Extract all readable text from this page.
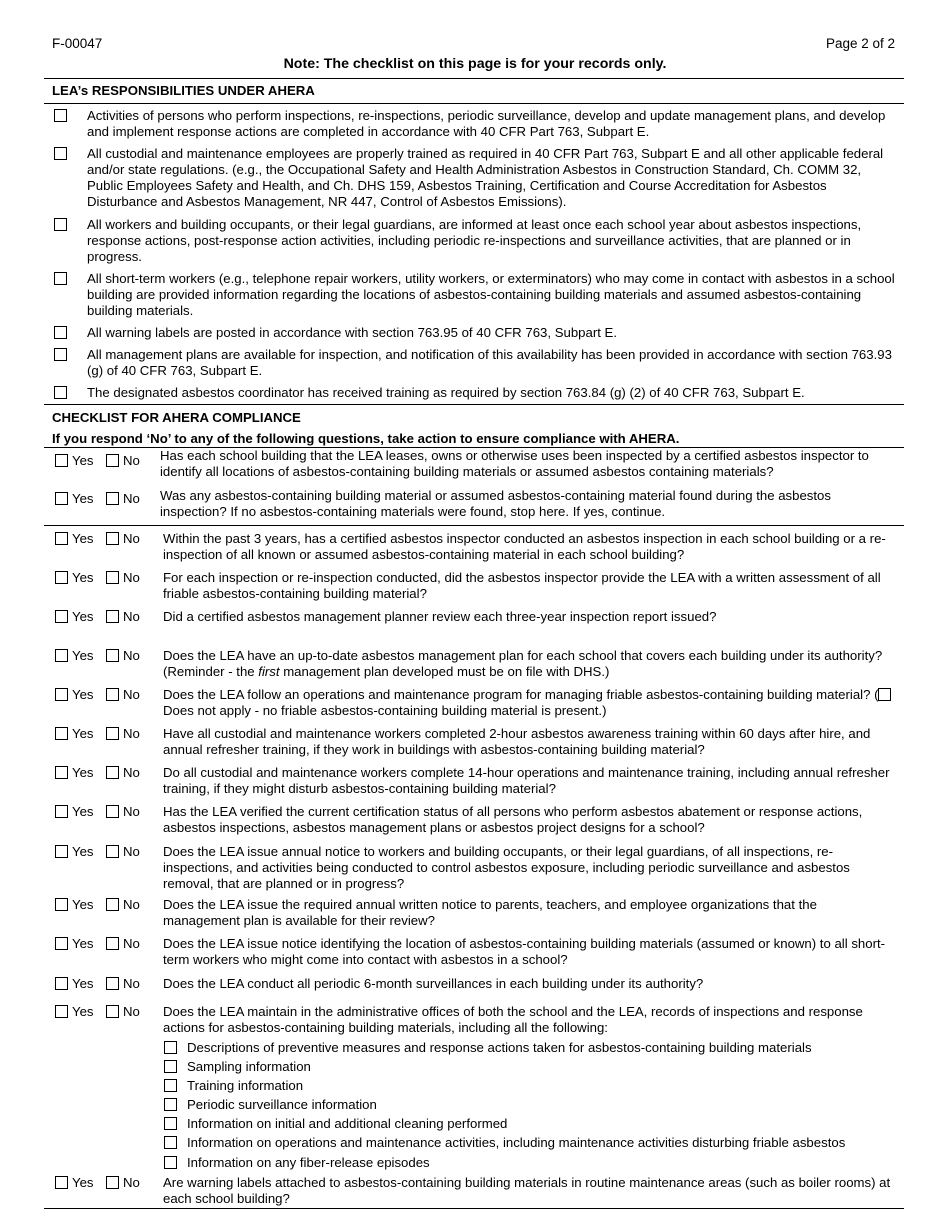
F-00047	Page 2 of 2
Note: The checklist on this page is for your records only.
LEA’s RESPONSIBILITIES UNDER AHERA
Activities of persons who perform inspections, re-inspections, periodic surveillance, develop and update management plans, and develop and implement response actions are completed in accordance with 40 CFR Part 763, Subpart E.
All custodial and maintenance employees are properly trained as required in 40 CFR Part 763, Subpart E and all other applicable federal and/or state regulations. (e.g., the Occupational Safety and Health Administration Asbestos in Construction Standard, Ch. COMM 32, Public Employees Safety and Health, and Ch. DHS 159, Asbestos Training, Certification and Course Accreditation for Asbestos Disturbance and Asbestos Management, NR 447, Control of Asbestos Emissions).
All workers and building occupants, or their legal guardians, are informed at least once each school year about asbestos inspections, response actions, post-response action activities, including periodic re-inspections and surveillance activities, that are planned or in progress.
All short-term workers (e.g., telephone repair workers, utility workers, or exterminators) who may come in contact with asbestos in a school building are provided information regarding the locations of asbestos-containing building materials and assumed asbestos-containing building materials.
All warning labels are posted in accordance with section 763.95 of 40 CFR 763, Subpart E.
All management plans are available for inspection, and notification of this availability has been provided in accordance with section 763.93 (g) of 40 CFR 763, Subpart E.
The designated asbestos coordinator has received training as required by section 763.84 (g) (2) of 40 CFR 763, Subpart E.
CHECKLIST FOR AHERA COMPLIANCE
If you respond ‘No’ to any of the following questions, take action to ensure compliance with AHERA.
Yes No Has each school building that the LEA leases, owns or otherwise uses been inspected by a certified asbestos inspector to identify all locations of asbestos-containing building materials or assumed asbestos containing materials?
Yes No Was any asbestos-containing building material or assumed asbestos-containing material found during the asbestos inspection? If no asbestos-containing materials were found, stop here. If yes, continue.
Yes No Within the past 3 years, has a certified asbestos inspector conducted an asbestos inspection in each school building or a re-inspection of all known or assumed asbestos-containing material in each school building?
Yes No For each inspection or re-inspection conducted, did the asbestos inspector provide the LEA with a written assessment of all friable asbestos-containing building material?
Yes No Did a certified asbestos management planner review each three-year inspection report issued?
Yes No Does the LEA have an up-to-date asbestos management plan for each school that covers each building under its authority? (Reminder - the first management plan developed must be on file with DHS.)
Yes No Does the LEA follow an operations and maintenance program for managing friable asbestos-containing building material? (Does not apply - no friable asbestos-containing building material is present.)
Yes No Have all custodial and maintenance workers completed 2-hour asbestos awareness training within 60 days after hire, and annual refresher training, if they work in buildings with asbestos-containing building material?
Yes No Do all custodial and maintenance workers complete 14-hour operations and maintenance training, including annual refresher training, if they might disturb asbestos-containing building material?
Yes No Has the LEA verified the current certification status of all persons who perform asbestos abatement or response actions, asbestos inspections, asbestos management plans or asbestos project designs for a school?
Yes No Does the LEA issue annual notice to workers and building occupants, or their legal guardians, of all inspections, re-inspections, and activities being conducted to control asbestos exposure, including periodic surveillance and asbestos removal, that are planned or in progress?
Yes No Does the LEA issue the required annual written notice to parents, teachers, and employee organizations that the management plan is available for their review?
Yes No Does the LEA issue notice identifying the location of asbestos-containing building materials (assumed or known) to all short-term workers who might come into contact with asbestos in a school?
Yes No Does the LEA conduct all periodic 6-month surveillances in each building under its authority?
Yes No Does the LEA maintain in the administrative offices of both the school and the LEA, records of inspections and response actions for asbestos-containing building materials, including all the following:
Descriptions of preventive measures and response actions taken for asbestos-containing building materials
Sampling information
Training information
Periodic surveillance information
Information on initial and additional cleaning performed
Information on operations and maintenance activities, including maintenance activities disturbing friable asbestos
Information on any fiber-release episodes
Yes No Are warning labels attached to asbestos-containing building materials in routine maintenance areas (such as boiler rooms) at each school building?
